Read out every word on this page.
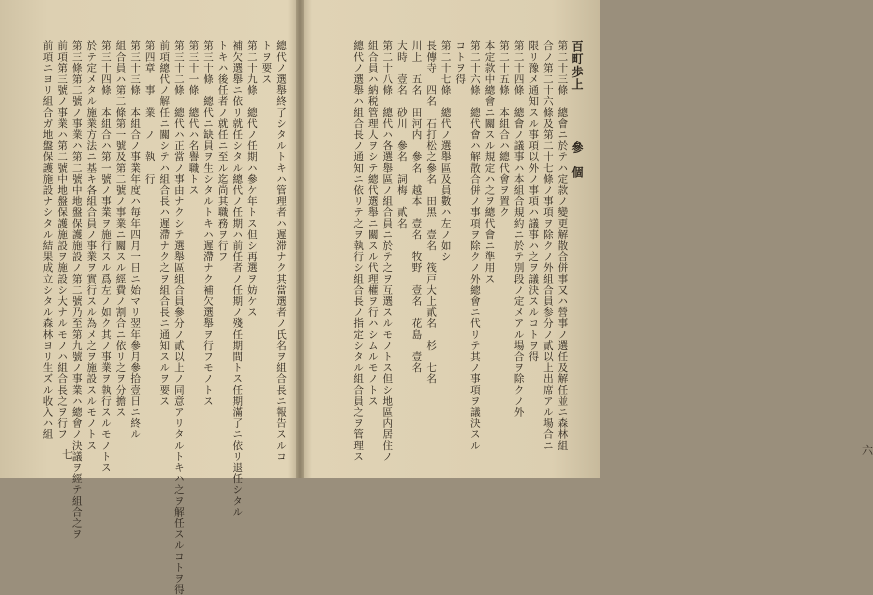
總代ノ選舉終了シタルトキハ管理者ハ遲滞ナク其當選者ノ氏名ヲ組合長ニ報告スルコ
トヲ要ス
第二十九條　總代ノ任期ハ參ケ年トス但シ再選ヲ妨ケス
補欠選舉ニ依リ就任シタル總代ノ任期ハ前任者ノ任期ノ殘任期間トス任期滿了ニ依リ退任シタル
トキハ後任者ノ就任ニ至ル迄尚其職務ヲ行フ
第三十條　總代ニ缺員ヲ生シタルトキハ遲滯ナク補欠選舉ヲ行フモノトス
第三十一條　總代ハ名譽職トス
第三十二條　總代ハ正當ノ事由ナクシテ選舉區組合員參分ノ貳以上ノ同意アリタルトキハ之ヲ解任スルコトヲ得
前項總代ノ解任ニ關シテハ組合長ハ遲滯ナク之ヲ組合長ニ通知スルヲ要ス
第四章　事　業　ノ　執　行
第三十三條　本組合ノ事業年度ハ毎年四月一日ニ始マリ翌年參月參拾壹日ニ終ル
組合員ハ第二條第一號及第二號ノ事業ニ關スル經費ノ割合ニ依リ之ヲ分擔ス
第三十四條　本組合ハ第一號ノ事業ヲ施行スル爲左ノ如ク其ノ事業ヲ執行スルモノトス
於テ定メタル施業方法ニ基キ各組合員ノ事業ヲ實行スル為メ之ヲ施設スルモノトス
第三條第二號ノ事業ハ第二號中地盤保護施設ノ第二號乃至第九號ノ事業ハ總會ノ決議ヲ經テ組合之ヲ
前項第三號ノ事業ハ第二號中地盤保護施設ヲ施設シ大ナルモノハ組合長之ヲ行フ
前項ニヨリ組合ガ地盤保護施設ナシタル結果成立シタル森林ヨリ生ズル收入ハ組
七
百町歩上　　　　參　個
第二十三條　總會ニ於テハ定款ノ變更解散合併事又ハ營事ノ選任及解任並ニ森林組
合ノ第二十六條及第二十七條ノ事項ヲ除クノ外組合員参分ノ貳以上出席アル場合ニ
限リ豫メ通知スル事項以外ノ事項ハ議事ハ之ヲ議決スルコトヲ得
第二十四條　總會ノ議事ハ本組合規約ニ於テ別段ノ定メアル場合ヲ除クノ外
第二十五條　本組合ハ總代會ヲ置ク
本定款中總會ニ關スル規定ハ之ヲ總代會ニ準用ス
第二十六條　總代會ハ解散合併ノ事項ヲ除クノ外總會ニ代リテ其ノ事項ヲ議決スル
コトヲ得
第二十七條　總代ノ選舉區及員數ハ左ノ如シ
長傳寺　四名　石打松之參名　田黑　壹名　筏戸大上貳名　杉　七名
川上　五名　田河内　參名　越本　壹名　牧野　壹名　花島　壹名
大時　壹名　砂川　參名　詞梅　貳名
第二十八條　總代ハ各選舉區ノ組合員ニ於テ之ヲ互選スルモノトス但シ地區内居住ノ
組合員ハ納税管理人ヲシテ總代選舉ニ關スル代理權ヲ行ハシムルモノトス
總代ノ選舉ハ組合長ノ通知ニ依リテ之ヲ執行シ組合長ノ指定シタル組合員之ヲ管理ス	六
